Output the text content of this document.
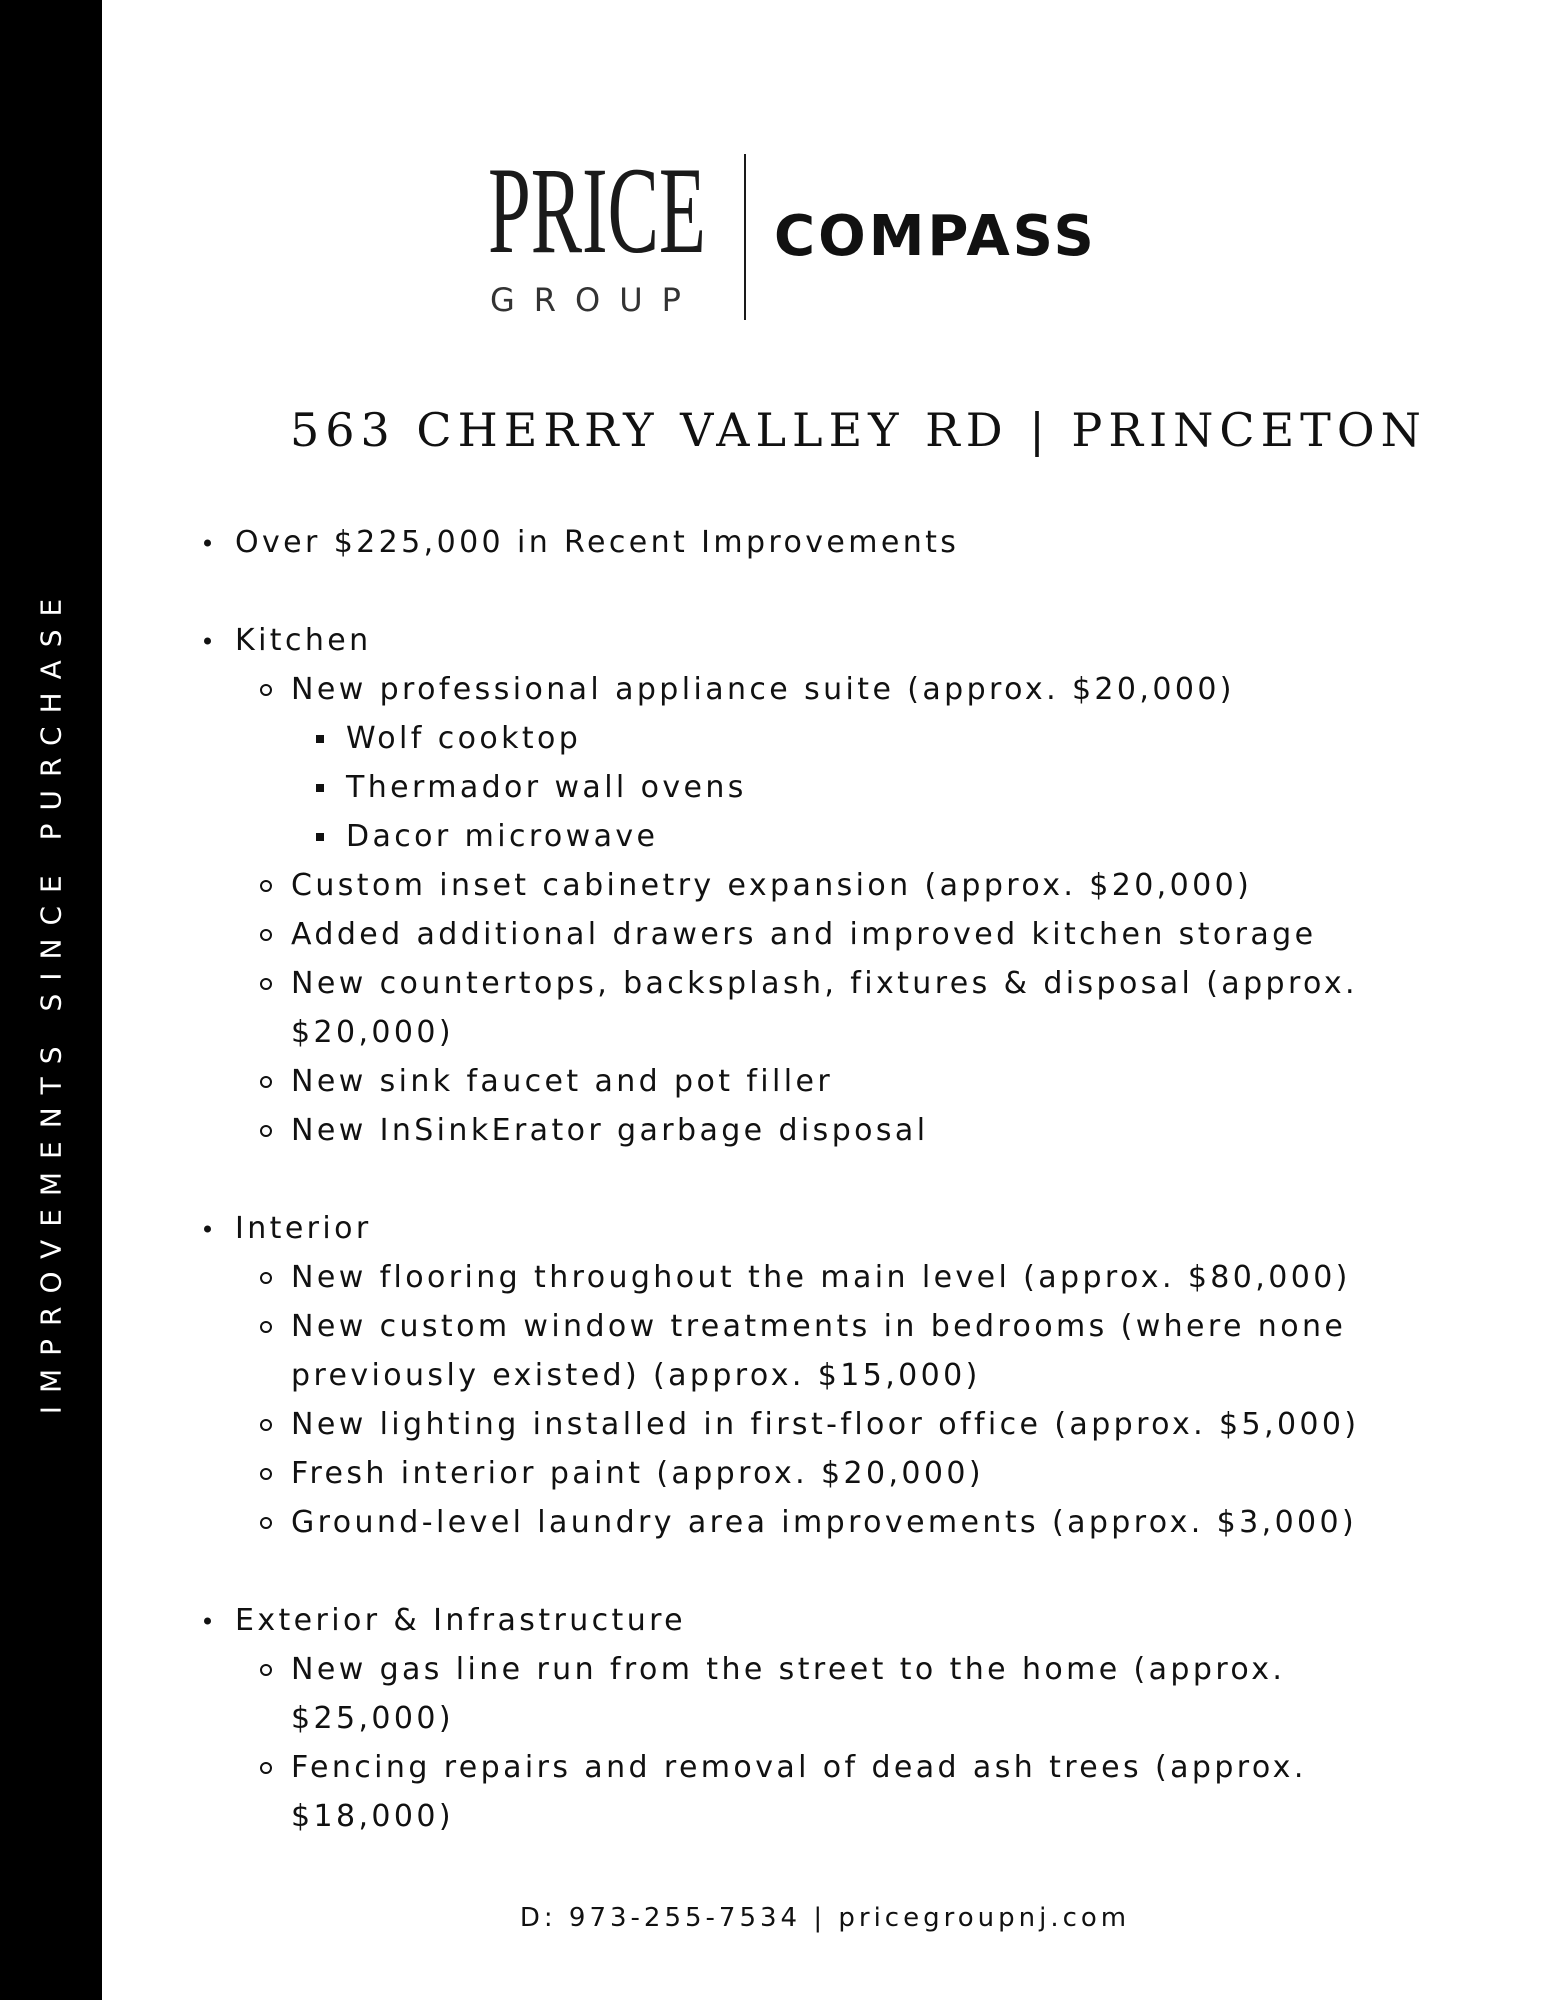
IMPROVEMENTS SINCE PURCHASE
PRICE
GROUP
COMPASS
563 CHERRY VALLEY RD | PRINCETON
Over $225,000 in Recent Improvements
Kitchen
New professional appliance suite (approx. $20,000)
Wolf cooktop
Thermador wall ovens
Dacor microwave
Custom inset cabinetry expansion (approx. $20,000)
Added additional drawers and improved kitchen storage
New countertops, backsplash, fixtures & disposal (approx.
$20,000)
New sink faucet and pot filler
New InSinkErator garbage disposal
Interior
New flooring throughout the main level (approx. $80,000)
New custom window treatments in bedrooms (where none
previously existed) (approx. $15,000)
New lighting installed in first-floor office (approx. $5,000)
Fresh interior paint (approx. $20,000)
Ground-level laundry area improvements (approx. $3,000)
Exterior & Infrastructure
New gas line run from the street to the home (approx.
$25,000)
Fencing repairs and removal of dead ash trees (approx.
$18,000)
D: 973-255-7534 | pricegroupnj.com
